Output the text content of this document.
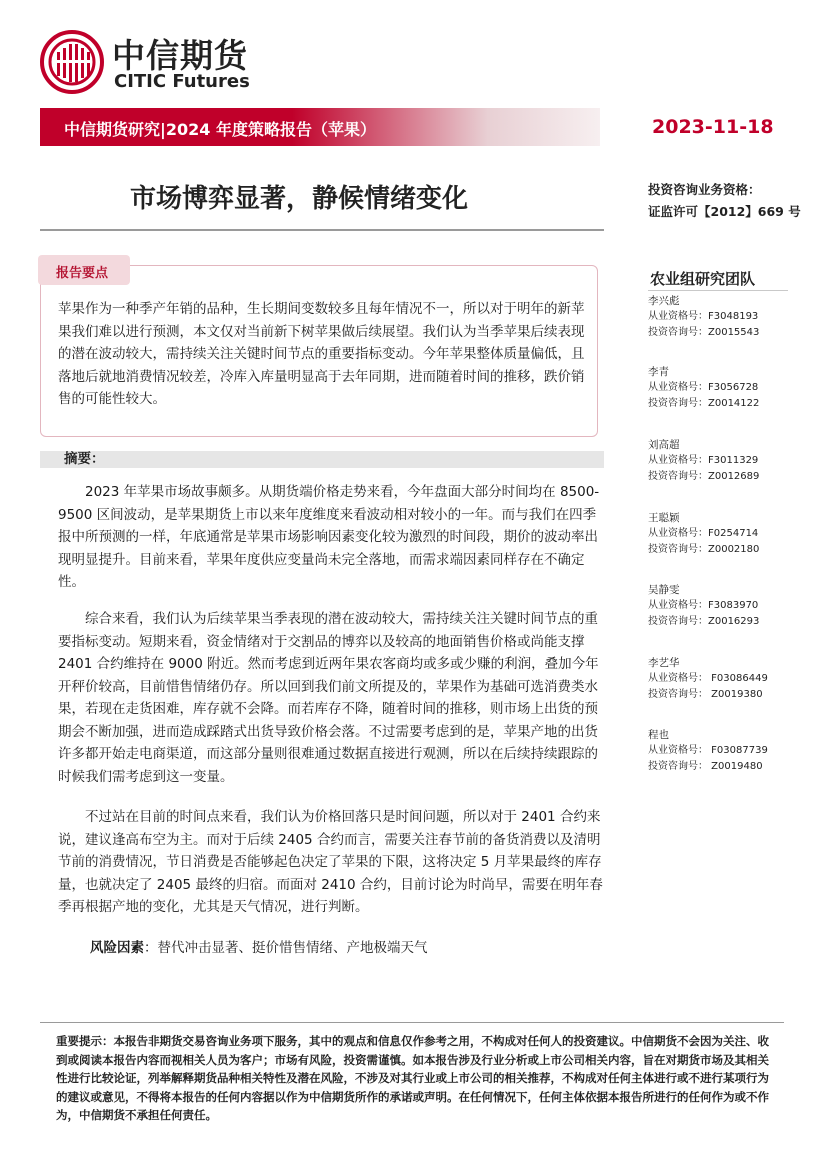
中信期货
CITIC Futures
中信期货研究|2024 年度策略报告（苹果）	2023-11-18
市场博弈显著，静候情绪变化	投资咨询业务资格：
证监许可【2012】669 号
农业组研究团队
李兴彪
从业资格号：F3048193
投资咨询号：Z0015543
李青
从业资格号：F3056728
投资咨询号：Z0014122
刘高超
从业资格号：F3011329
投资咨询号：Z0012689
王聪颖
从业资格号：F0254714
投资咨询号：Z0002180
吴静雯
从业资格号：F3083970
投资咨询号：Z0016293
李艺华
从业资格号： F03086449
投资咨询号： Z0019380
程也
从业资格号： F03087739
投资咨询号： Z0019480
报告要点
苹果作为一种季产年销的品种，生长期间变数较多且每年情况不一，所以对于明年的新苹果我们难以进行预测，本文仅对当前新下树苹果做后续展望。我们认为当季苹果后续表现的潜在波动较大，需持续关注关键时间节点的重要指标变动。今年苹果整体质量偏低，且落地后就地消费情况较差，冷库入库量明显高于去年同期，进而随着时间的推移，跌价销售的可能性较大。
摘要：
2023 年苹果市场故事颇多。从期货端价格走势来看，今年盘面大部分时间均在 8500-9500 区间波动，是苹果期货上市以来年度维度来看波动相对较小的一年。而与我们在四季报中所预测的一样，年底通常是苹果市场影响因素变化较为激烈的时间段，期价的波动率出现明显提升。目前来看，苹果年度供应变量尚未完全落地，而需求端因素同样存在不确定性。
综合来看，我们认为后续苹果当季表现的潜在波动较大，需持续关注关键时间节点的重要指标变动。短期来看，资金情绪对于交割品的博弈以及较高的地面销售价格或尚能支撑 2401 合约维持在 9000 附近。然而考虑到近两年果农客商均或多或少赚的利润，叠加今年开秤价较高，目前惜售情绪仍存。所以回到我们前文所提及的，苹果作为基础可选消费类水果，若现在走货困难，库存就不会降。而若库存不降，随着时间的推移，则市场上出货的预期会不断加强，进而造成踩踏式出货导致价格会落。不过需要考虑到的是，苹果产地的出货许多都开始走电商渠道，而这部分量则很难通过数据直接进行观测，所以在后续持续跟踪的时候我们需考虑到这一变量。
不过站在目前的时间点来看，我们认为价格回落只是时间问题，所以对于 2401 合约来说，建议逢高布空为主。而对于后续 2405 合约而言，需要关注春节前的备货消费以及清明节前的消费情况，节日消费是否能够起色决定了苹果的下限，这将决定 5 月苹果最终的库存量，也就决定了 2405 最终的归宿。而面对 2410 合约，目前讨论为时尚早，需要在明年春季再根据产地的变化，尤其是天气情况，进行判断。
风险因素：替代冲击显著、挺价惜售情绪、产地极端天气
重要提示：本报告非期货交易咨询业务项下服务，其中的观点和信息仅作参考之用，不构成对任何人的投资建议。中信期货不会因为关注、收到或阅读本报告内容而视相关人员为客户；市场有风险，投资需谨慎。如本报告涉及行业分析或上市公司相关内容，旨在对期货市场及其相关性进行比较论证，列举解释期货品种相关特性及潜在风险，不涉及对其行业或上市公司的相关推荐，不构成对任何主体进行或不进行某项行为的建议或意见，不得将本报告的任何内容据以作为中信期货所作的承诺或声明。在任何情况下，任何主体依据本报告所进行的任何作为或不作为，中信期货不承担任何责任。
